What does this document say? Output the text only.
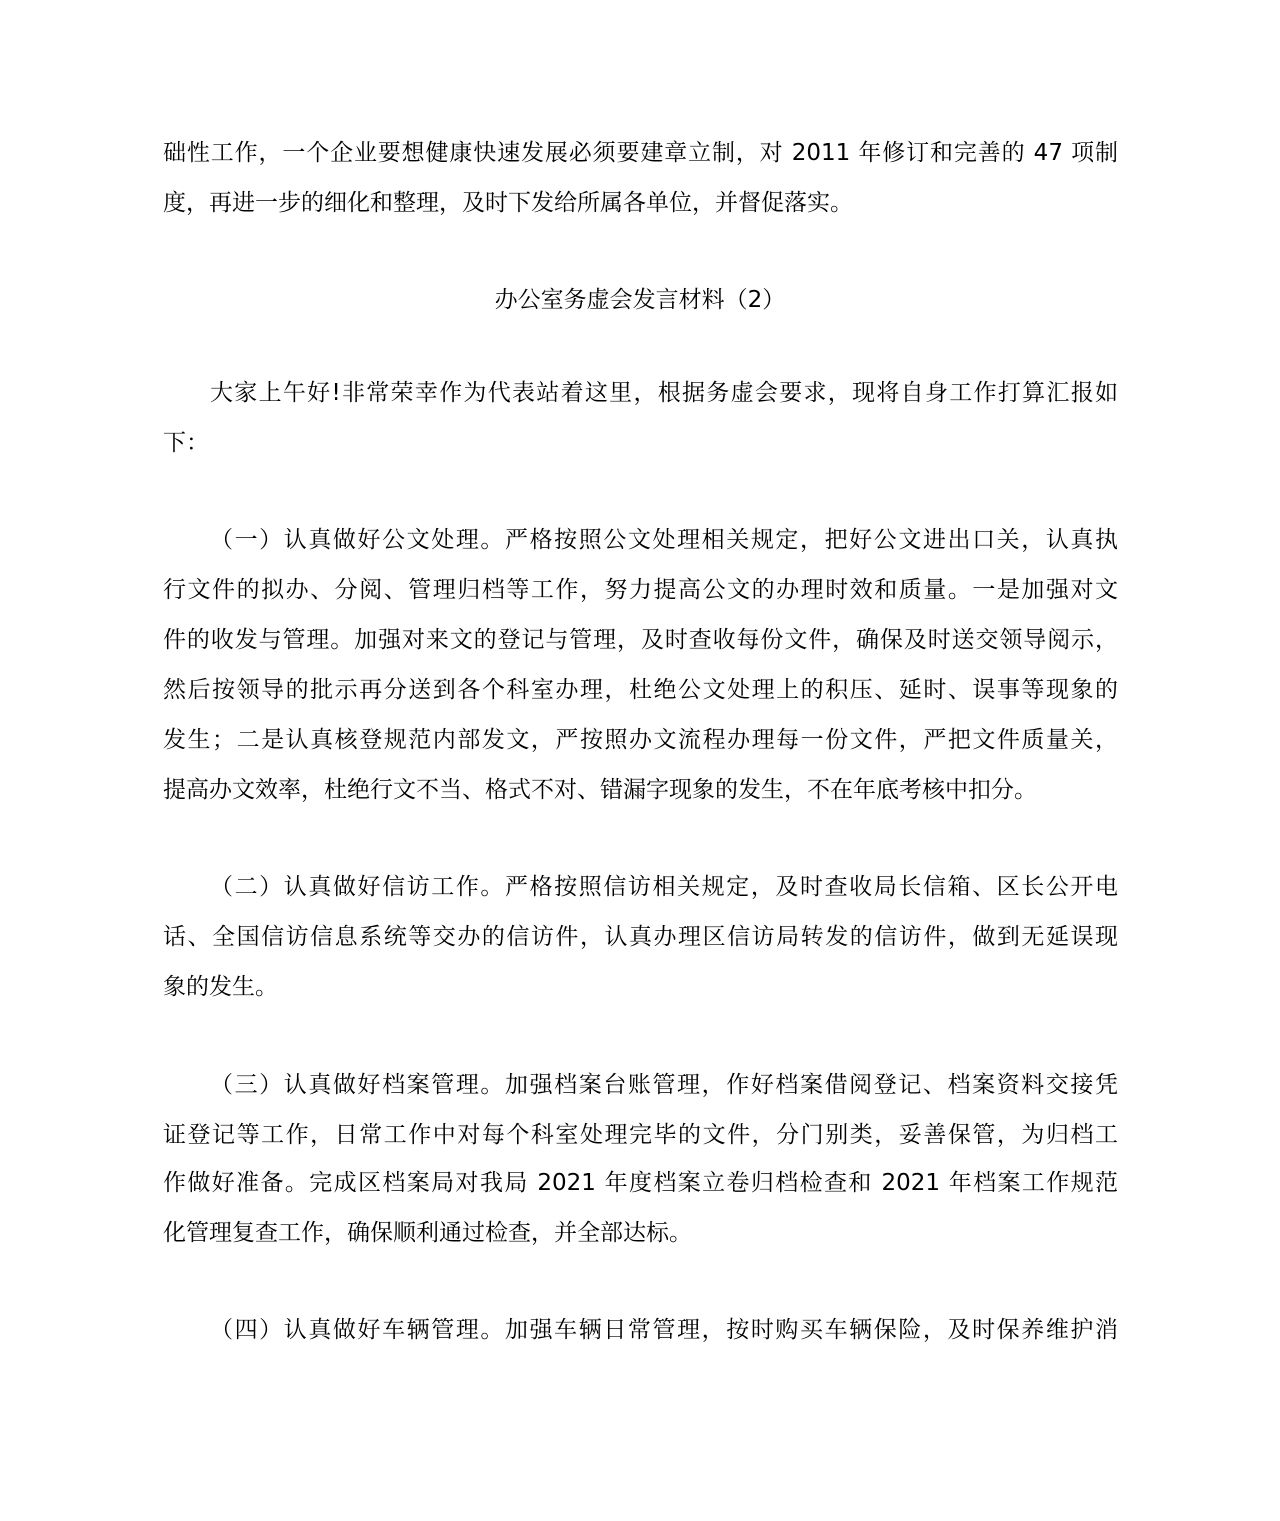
础性工作，一个企业要想健康快速发展必须要建章立制，对 2011 年修订和完善的 47 项制
度，再进一步的细化和整理，及时下发给所属各单位，并督促落实。
办公室务虚会发言材料（2）
大家上午好!非常荣幸作为代表站着这里，根据务虚会要求，现将自身工作打算汇报如
下：
（一）认真做好公文处理。严格按照公文处理相关规定，把好公文进出口关，认真执
行文件的拟办、分阅、管理归档等工作，努力提高公文的办理时效和质量。一是加强对文
件的收发与管理。加强对来文的登记与管理，及时查收每份文件，确保及时送交领导阅示，
然后按领导的批示再分送到各个科室办理，杜绝公文处理上的积压、延时、误事等现象的
发生；二是认真核登规范内部发文，严按照办文流程办理每一份文件，严把文件质量关，
提高办文效率，杜绝行文不当、格式不对、错漏字现象的发生，不在年底考核中扣分。
（二）认真做好信访工作。严格按照信访相关规定，及时查收局长信箱、区长公开电
话、全国信访信息系统等交办的信访件，认真办理区信访局转发的信访件，做到无延误现
象的发生。
（三）认真做好档案管理。加强档案台账管理，作好档案借阅登记、档案资料交接凭
证登记等工作，日常工作中对每个科室处理完毕的文件，分门别类，妥善保管，为归档工
作做好准备。完成区档案局对我局 2021 年度档案立卷归档检查和 2021 年档案工作规范
化管理复查工作，确保顺利通过检查，并全部达标。
（四）认真做好车辆管理。加强车辆日常管理，按时购买车辆保险，及时保养维护消
